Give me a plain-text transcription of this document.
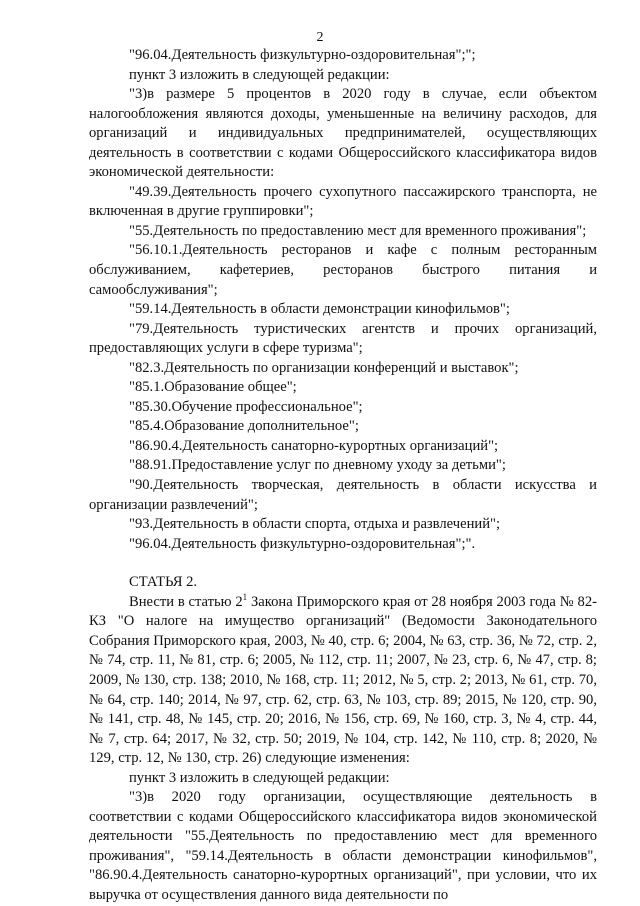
2

"96.04.Деятельность физкультурно-оздоровительная";";

пункт 3 изложить в следующей редакции:

"3)в размере 5 процентов в 2020 году в случае, если объектом налогообложения являются доходы, уменьшенные на величину расходов, для организаций и индивидуальных предпринимателей, осуществляющих деятельность в соответствии с кодами Общероссийского классификатора видов экономической деятельности:

"49.39.Деятельность прочего сухопутного пассажирского транспорта, не включенная в другие группировки";

"55.Деятельность по предоставлению мест для временного проживания";

"56.10.1.Деятельность ресторанов и кафе с полным ресторанным обслуживанием, кафетериев, ресторанов быстрого питания и самообслуживания";

"59.14.Деятельность в области демонстрации кинофильмов";

"79.Деятельность туристических агентств и прочих организаций, предоставляющих услуги в сфере туризма";

"82.3.Деятельность по организации конференций и выставок";

"85.1.Образование общее";

"85.30.Обучение профессиональное";

"85.4.Образование дополнительное";

"86.90.4.Деятельность санаторно-курортных организаций";

"88.91.Предоставление услуг по дневному уходу за детьми";

"90.Деятельность творческая, деятельность в области искусства и организации развлечений";

"93.Деятельность в области спорта, отдыха и развлечений";

"96.04.Деятельность физкультурно-оздоровительная";".

СТАТЬЯ 2.

Внести в статью $2^1$ Закона Приморского края от 28 ноября 2003 года № 82-КЗ "О налоге на имущество организаций" (Ведомости Законодательного Собрания Приморского края, 2003, № 40, стр. 6; 2004, № 63, стр. 36, № 72, стр. 2, № 74, стр. 11, № 81, стр. 6; 2005, № 112, стр. 11; 2007, № 23, стр. 6, № 47, стр. 8; 2009, № 130, стр. 138; 2010, № 168, стр. 11; 2012, № 5, стр. 2; 2013, № 61, стр. 70, № 64, стр. 140; 2014, № 97, стр. 62, стр. 63, № 103, стр. 89; 2015, № 120, стр. 90, № 141, стр. 48, № 145, стр. 20; 2016, № 156, стр. 69, № 160, стр. 3, № 4, стр. 44, № 7, стр. 64; 2017, № 32, стр. 50; 2019, № 104, стр. 142, № 110, стр. 8; 2020, № 129, стр. 12, № 130, стр. 26) следующие изменения:

пункт 3 изложить в следующей редакции:

"3)в 2020 году организации, осуществляющие деятельность в соответствии с кодами Общероссийского классификатора видов экономической деятельности "55.Деятельность по предоставлению мест для временного проживания", "59.14.Деятельность в области демонстрации кинофильмов", "86.90.4.Деятельность санаторно-курортных организаций", при условии, что их выручка от осуществления данного вида деятельности по
